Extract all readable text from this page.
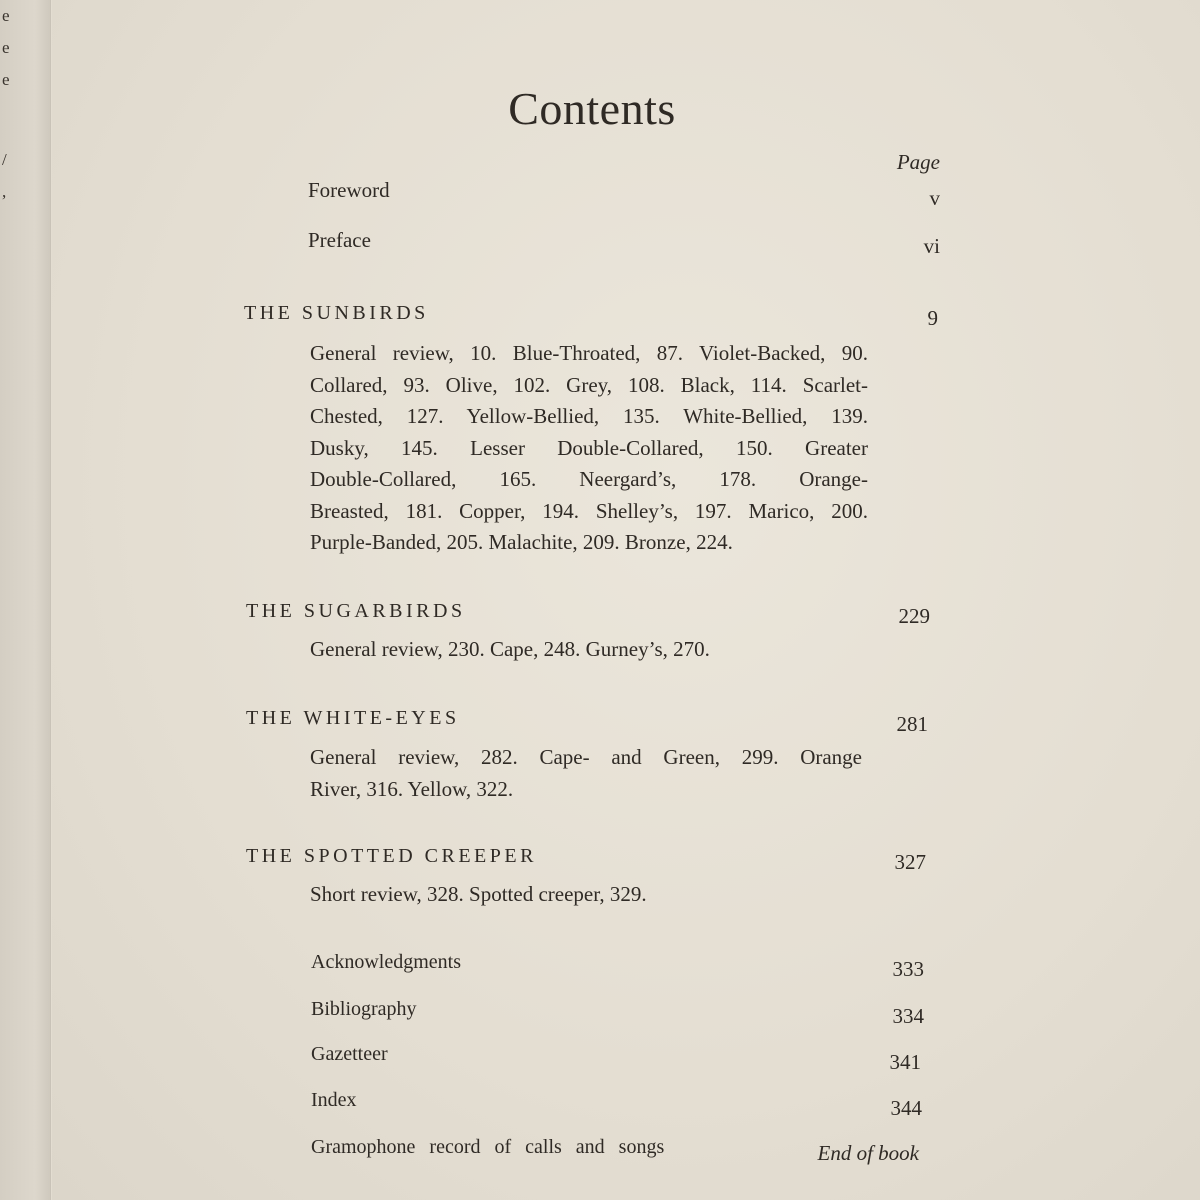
e
e
e
/
,
Contents
Page
Foreword	v
Preface	vi
THE SUNBIRDS	9
General review, 10. Blue-Throated, 87. Violet-Backed, 90.
Collared, 93. Olive, 102. Grey, 108. Black, 114. Scarlet-
Chested, 127. Yellow-Bellied, 135. White-Bellied, 139.
Dusky, 145. Lesser Double-Collared, 150. Greater
Double-Collared, 165. Neergard’s, 178. Orange-
Breasted, 181. Copper, 194. Shelley’s, 197. Marico, 200.
Purple-Banded, 205. Malachite, 209. Bronze, 224.
THE SUGARBIRDS	229
General review, 230. Cape, 248. Gurney’s, 270.
THE WHITE-EYES	281
General review, 282. Cape- and Green, 299. Orange
River, 316. Yellow, 322.
THE SPOTTED CREEPER	327
Short review, 328. Spotted creeper, 329.
Acknowledgments	333
Bibliography	334
Gazetteer	341
Index	344
Gramophone record of calls and songs	End of book
